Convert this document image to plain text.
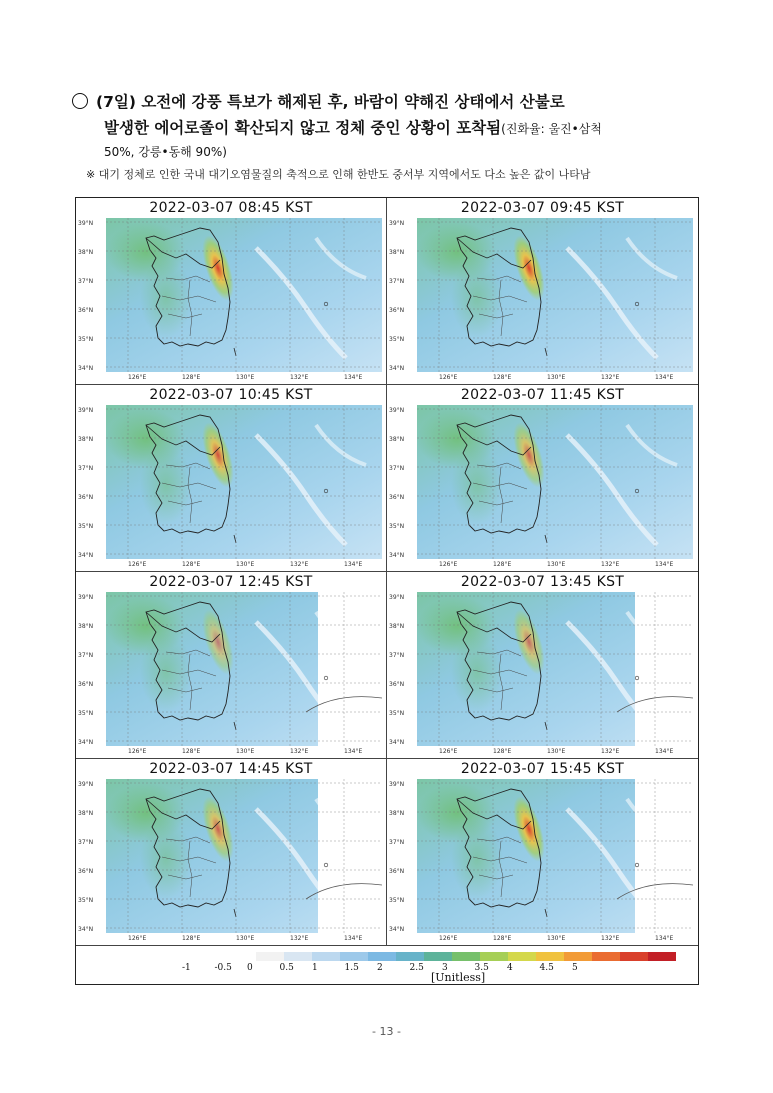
(7일) 오전에 강풍 특보가 해제된 후, 바람이 약해진 상태에서 산불로
발생한 에어로졸이 확산되지 않고 정체 중인 상황이 포착됨(진화율: 울진•삼척
50%, 강릉•동해 90%)
※ 대기 정체로 인한 국내 대기오염물질의 축적으로 인해 한반도 중서부 지역에서도 다소 높은 값이 나타남
2022-03-07 08:45 KST
39°N
38°N
37°N
36°N
35°N
34°N
126°E	128°E	130°E	132°E	134°E
2022-03-07 09:45 KST
39°N
38°N
37°N
36°N
35°N
34°N
126°E	128°E	130°E	132°E	134°E
2022-03-07 10:45 KST
39°N
38°N
37°N
36°N
35°N
34°N
126°E	128°E	130°E	132°E	134°E
2022-03-07 11:45 KST
39°N
38°N
37°N
36°N
35°N
34°N
126°E	128°E	130°E	132°E	134°E
2022-03-07 12:45 KST
39°N
38°N
37°N
36°N
35°N
34°N
126°E	128°E	130°E	132°E	134°E
2022-03-07 13:45 KST
39°N
38°N
37°N
36°N
35°N
34°N
126°E	128°E	130°E	132°E	134°E
2022-03-07 14:45 KST
39°N
38°N
37°N
36°N
35°N
34°N
126°E	128°E	130°E	132°E	134°E
2022-03-07 15:45 KST
39°N
38°N
37°N
36°N
35°N
34°N
126°E	128°E	130°E	132°E	134°E
-1	-0.5 0	0.5 1	1.5 2	2.5 3	3.5 4	4.5 5
[Unitless]
- 13 -
